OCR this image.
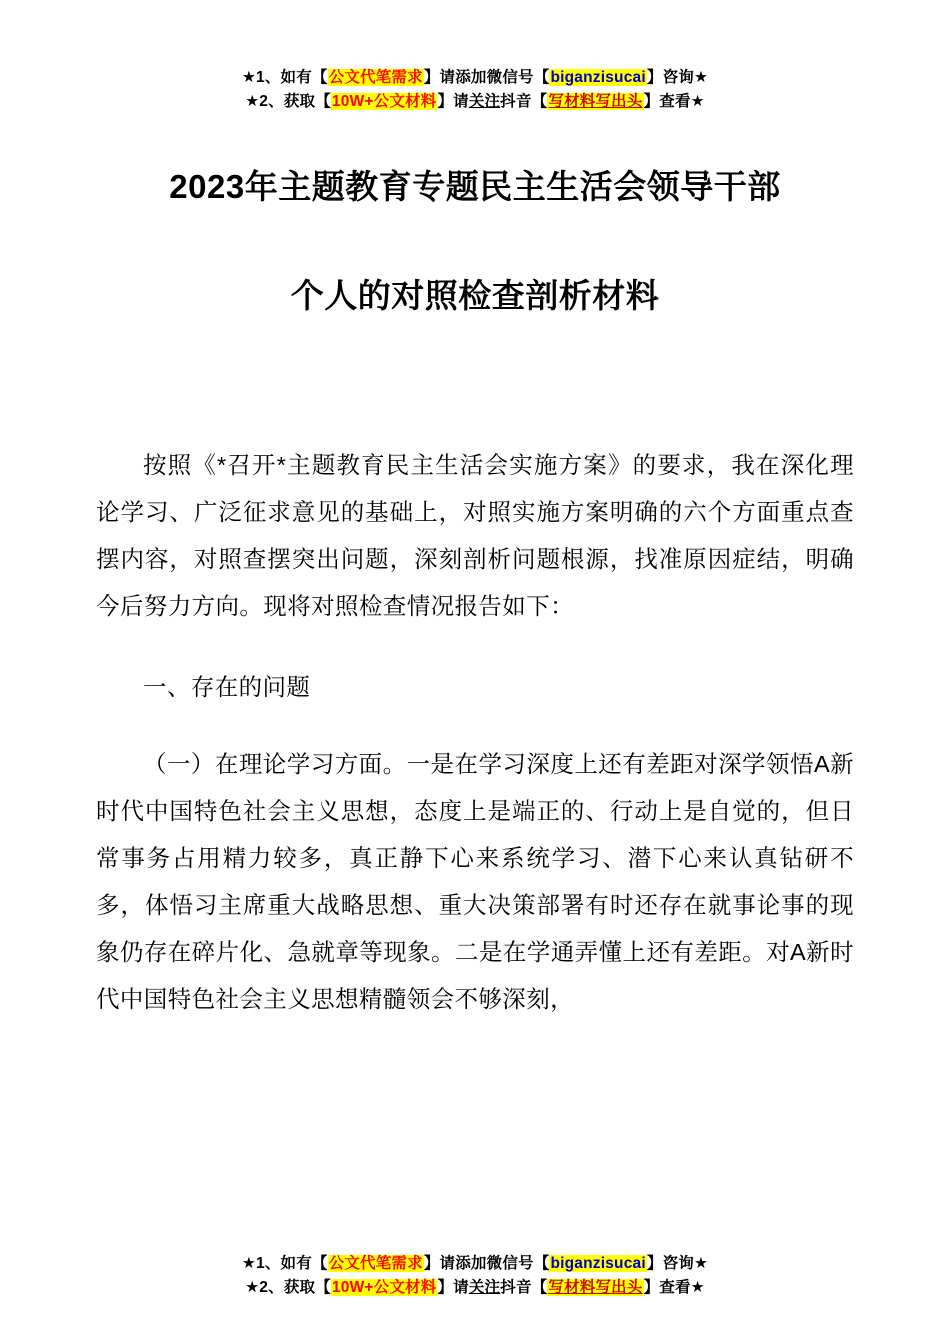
★1、如有【公文代笔需求】请添加微信号【biganzisucai】咨询★
★2、获取【10W+公文材料】请关注抖音【写材料写出头】查看★
2023年主题教育专题民主生活会领导干部
个人的对照检查剖析材料

按照《*召开*主题教育民主生活会实施方案》的要求，我在深化理论学习、广泛征求意见的基础上，对照实施方案明确的六个方面重点查摆内容，对照查摆突出问题，深刻剖析问题根源，找准原因症结，明确今后努力方向。现将对照检查情况报告如下：

一、存在的问题

（一）在理论学习方面。一是在学习深度上还有差距对深学领悟A新时代中国特色社会主义思想，态度上是端正的、行动上是自觉的，但日常事务占用精力较多，真正静下心来系统学习、潜下心来认真钻研不多，体悟习主席重大战略思想、重大决策部署有时还存在就事论事的现象仍存在碎片化、急就章等现象。二是在学通弄懂上还有差距。对A新时代中国特色社会主义思想精髓领会不够深刻，

★1、如有【公文代笔需求】请添加微信号【biganzisucai】咨询★
★2、获取【10W+公文材料】请关注抖音【写材料写出头】查看★
